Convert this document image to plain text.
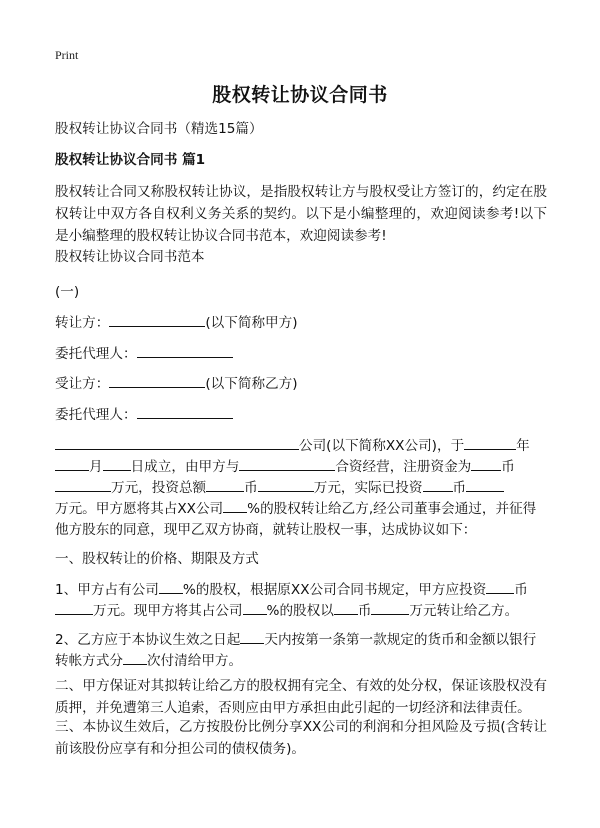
Print
股权转让协议合同书
股权转让协议合同书（精选15篇）
股权转让协议合同书 篇1
股权转让合同又称股权转让协议，是指股权转让方与股权受让方签订的，约定在股权转让中双方各自权利义务关系的契约。以下是小编整理的，欢迎阅读参考!以下是小编整理的股权转让协议合同书范本，欢迎阅读参考!
股权转让协议合同书范本
(一)
转让方：	(以下简称甲方)
委托代理人：
受让方：	(以下简称乙方)
委托代理人：
公司(以下简称XX公司)，于	年
月 日成立，由甲方与	合资经营，注册资金为 币
万元，投资总额	币	万元，实际已投资 币
万元。甲方愿将其占XX公司 %的股权转让给乙方,经公司董事会通过，并征得
他方股东的同意，现甲乙双方协商，就转让股权一事，达成协议如下：
一、股权转让的价格、期限及方式
1、甲方占有公司 %的股权，根据原XX公司合同书规定，甲方应投资 币
万元。现甲方将其占公司 %的股权以 币	万元转让给乙方。
2、乙方应于本协议生效之日起 天内按第一条第一款规定的货币和金额以银行
转帐方式分 次付清给甲方。
二、甲方保证对其拟转让给乙方的股权拥有完全、有效的处分权，保证该股权没有质押，并免遭第三人追索，否则应由甲方承担由此引起的一切经济和法律责任。
三、本协议生效后，乙方按股份比例分享XX公司的利润和分担风险及亏损(含转让前该股份应享有和分担公司的债权债务)。
